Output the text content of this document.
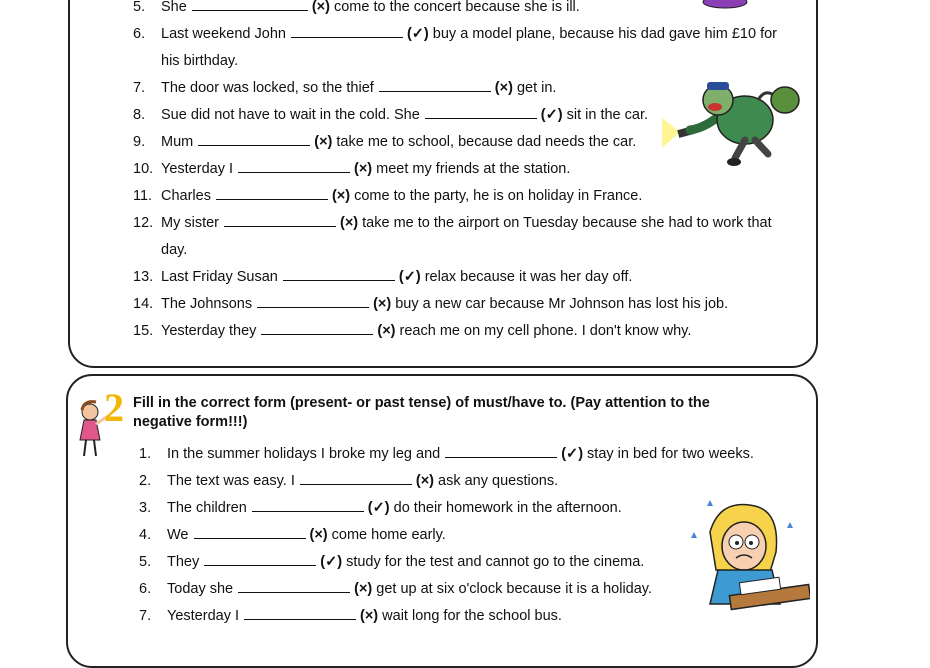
5. She	(×) come to the concert because she is ill.
6. Last weekend John	(✓) buy a model plane, because his dad gave him £10 for
his birthday.
7. The door was locked, so the thief	(×) get in.
8. Sue did not have to wait in the cold. She	(✓) sit in the car.
9. Mum	(×) take me to school, because dad needs the car.
10. Yesterday I	(×) meet my friends at the station.
11. Charles	(×) come to the party, he is on holiday in France.
12. My sister	(×) take me to the airport on Tuesday because she had to work that
day.
13. Last Friday Susan	(✓) relax because it was her day off.
14. The Johnsons	(×) buy a new car because Mr Johnson has lost his job.
15. Yesterday they	(×) reach me on my cell phone. I don't know why.
Fill in the correct form (present- or past tense) of must/have to. (Pay attention to the
negative form!!!)
1. In the summer holidays I broke my leg and	(✓) stay in bed for two weeks.
2. The text was easy. I	(×) ask any questions.
3. The children	(✓) do their homework in the afternoon.
4. We	(×) come home early.
5. They	(✓) study for the test and cannot go to the cinema.
6. Today she	(×) get up at six o'clock because it is a holiday.
7. Yesterday I	(×) wait long for the school bus.
2
